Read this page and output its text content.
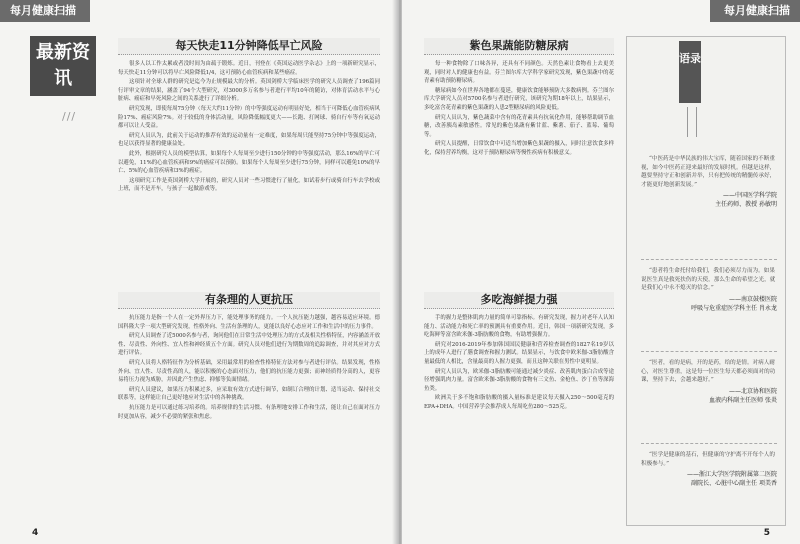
每月健康扫描
最新资讯
///
每天快走11分钟降低早亡风险

很多人以工作太累或者没时间为由疏于锻炼。近日，刊登在《英国运动医学杂志》上的一项新研究显示，每天快走11分钟可以将早亡风险降低1/4，这可预防心血管疾病和某些癌症。

这项针对全球人群的研究是迄今为止规模最大的分析。英国剑桥大学临床医学的研究人员调查了196篇同行评审文章的结果，涵盖了94个大型研究，对3000多万名参与者进行平均10年的随访，对体育活动水平与心脏病、癌症和早死风险之间的关系进行了详细分析。

研究发现，即使每周75分钟（每天大约11分钟）的中等强度运动有明显好处，相当于可降低心血管疾病风险17%、癌症风险7%。对于较低的身体活动量，风险降低幅度更大——长跑、打网球、骑自行车等有氧运动都可以让人受益。

研究人员认为，此前关于运动的推荐有效的运动量有一定难度，如果每周只能坚持75分钟中等强度运动，也足以获得显著的健康益处。

此外，根据研究人员的模型估算，如果每个人每周至少进行150分钟的中等强度活动，那么16%的早亡可以避免，11%的心血管疾病和9%的癌症可以预防。如果每个人每周至少进行75分钟，同样可以避免10%的早亡、5%的心血管疾病和3%的癌症。

这项研究工作是英国剑桥大学开展的，研究人员对一些习惯进行了量化，如试着步行或骑自行车去学校或上班，而不是开车，与孩子一起做游戏等。

有条理的人更抗压

抗压能力是指一个人在一定外界压力下，能处理事务的能力。一个人抗压能力越强，越容易适应环境。德国科隆大学一项大型研究发现，性格外向、生活有条理的人，更能以良好心态应对工作和生活中的压力事件。

研究人员调查了近5000名参与者，询问他们在日常生活中处理压力的方式及相关性格特征，内容涵盖开放性、尽责性、外向性、宜人性和神经质五个方面。研究人员对他们进行为期数周的追踪调查，并对其应对方式进行评估。

研究人员将人格特征作为分析基础，采用最常用的检查性格特征方法对参与者进行评估。结果发现，性格外向、宜人性、尽责性高的人，能以积极的心态面对压力，他们的抗压能力更强；而神经质得分高的人，更容易将压力视为威胁，并因此产生焦虑、抑郁等负面情绪。

研究人员建议，如果压力积累过多，应采取有效方式进行调节，如制订合理的计划、适当运动、保持社交联系等，这样能让自己更好地应对生活中的各种挑战。

抗压能力是可以通过练习培养的。培养规律的生活习惯、有条理地安排工作和生活，能让自己在面对压力时更加从容，减少不必要的紧张和焦虑。

4
每月健康扫描
紫色果蔬能防糖尿病

每一种食物除了口味各异，还具有不同颜色。天然色素让食物看上去更美观，同时对人的健康也有益。芬兰图尔库大学科学家研究发现，紫色果蔬中的花青素有助预防糖尿病。

糖尿病如今在世界各地都在蔓延，健康饮食能够预防大多数病例。芬兰图尔库大学研究人员对5700名参与者进行研究，该研究为期18年以上，结果显示，多吃富含花青素的紫色果蔬的人患2型糖尿病的风险更低。

研究人员认为，紫色蔬菜中含有的花青素具有抗氧化作用，能够帮助调节血糖，改善胰岛素敏感性。常见的紫色果蔬有紫甘蓝、紫薯、茄子、蓝莓、葡萄等。

研究人员提醒，日常饮食中可适当增加紫色果蔬的摄入，同时注意饮食多样化，保持营养均衡，这对于预防糖尿病等慢性疾病有积极意义。

多吃海鲜提力强

手的握力是整体肌肉力量的简单可靠指标。有研究发现，握力对老年人认知能力、活动能力和死亡率的预测具有重要作用。近日，韩国一项新研究发现，多吃海鲜等富含欧米伽-3脂肪酸的食物，有助增强握力。

研究对2016-2019年参加韩国国民健康和营养检查调查的1827名19岁以上的成年人进行了膳食调查和握力测试。结果显示，与饮食中欧米伽-3脂肪酸含量最低的人相比，含量最高的人握力更强，而且这种关联在男性中更明显。

研究人员认为，欧米伽-3脂肪酸可能通过减少炎症、改善肌肉蛋白合成等途径增强肌肉力量。富含欧米伽-3脂肪酸的食物有三文鱼、金枪鱼、沙丁鱼等深海鱼类。

欧洲关于多不饱和脂肪酸的摄入量标准是建议每天摄入250～500毫克的EPA+DHA。中国营养学会推荐成人每周吃鱼280～525克。

5
语录

“中医药是中华民族的伟大宝库，随着国家的不断重视，如今中医药正迎来最好的发展时机。但越是这样，越要坚持守正和创新并举，只有把传统的精髓传承好，才能更好地创新发展。”

——中国医学科学院

主任药师、教授 孙敏明

“患者将生命托付给我们，我们必须尽力而为。如果说医生真是救死扶伤的天使，那么生命的希望之光，就是我们心中永不熄灭的信念。”

——南京鼓楼医院

呼吸与危重症医学科主任 肖永龙

“医者，看的是病，开的是药，给的是情。对病人耐心，对医生尊重，这是每一位医生每天都必须面对的功课，坚持下去，会越来越好。”

——北京协和医院

血液内科副主任医师 张炎

“医学是健康的基石，但健康的守护离不开每个人的积极参与。”

——浙江大学医学院附属第二医院

副院长、心脏中心副主任 项美香
